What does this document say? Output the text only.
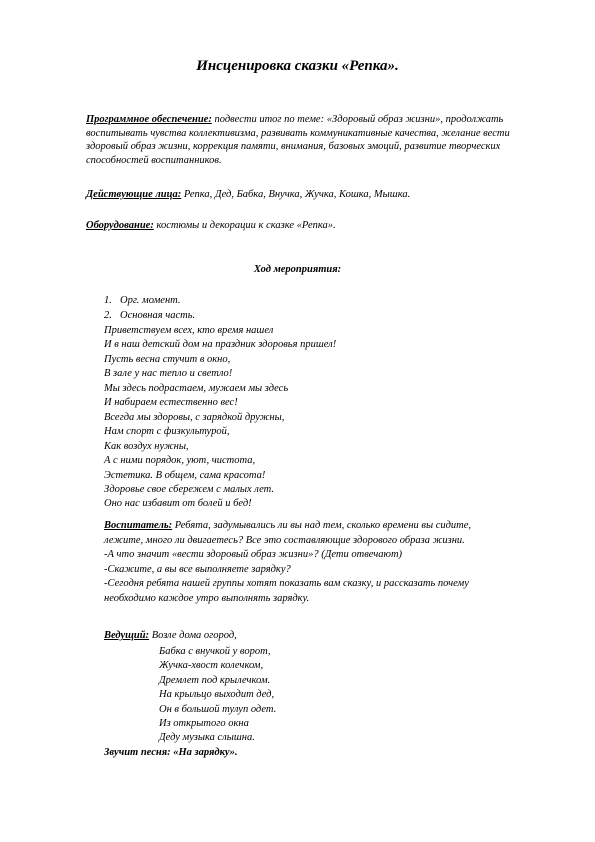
Инсценировка сказки «Репка».
Программное обеспечение: подвести итог по теме: «Здоровый образ жизни», продолжать воспитывать чувства коллективизма, развивать коммуникативные качества, желание вести здоровый образ жизни, коррекция памяти, внимания, базовых эмоций, развитие творческих способностей воспитанников.
Действующие лица: Репка, Дед, Бабка, Внучка, Жучка, Кошка, Мышка.
Оборудование: костюмы и декорации к сказке «Репка».
Ход мероприятия:
1. Орг. момент.
2. Основная часть.
Приветствуем всех, кто время нашел
И в наш детский дом на праздник здоровья пришел!
Пусть весна стучит в окно,
В зале у нас тепло и светло!
Мы здесь подрастаем, мужаем мы здесь
И набираем естественно вес!
Всегда мы здоровы, с зарядкой дружны,
Нам спорт с физкультурой,
Как воздух нужны,
А с ними порядок, уют, чистота,
Эстетика. В общем, сама красота!
Здоровье свое сбережем с малых лет.
Оно нас избавит от болей и бед!
Воспитатель: Ребята, задумывались ли вы над тем, сколько времени вы сидите,
лежите, много ли двигаетесь? Все это составляющие здорового образа жизни.
-А что значит «вести здоровый образ жизни»? (Дети отвечают)
-Скажите, а вы все выполняете зарядку?
-Сегодня ребята нашей группы хотят показать вам сказку, и рассказать почему
необходимо каждое утро выполнять зарядку.
Ведущий: Возле дома огород,
Бабка с внучкой у ворот,
Жучка-хвост колечком,
Дремлет под крылечком.
На крыльцо выходит дед,
Он в большой тулуп одет.
Из открытого окна
Деду музыка слышна.
Звучит песня: «На зарядку».
